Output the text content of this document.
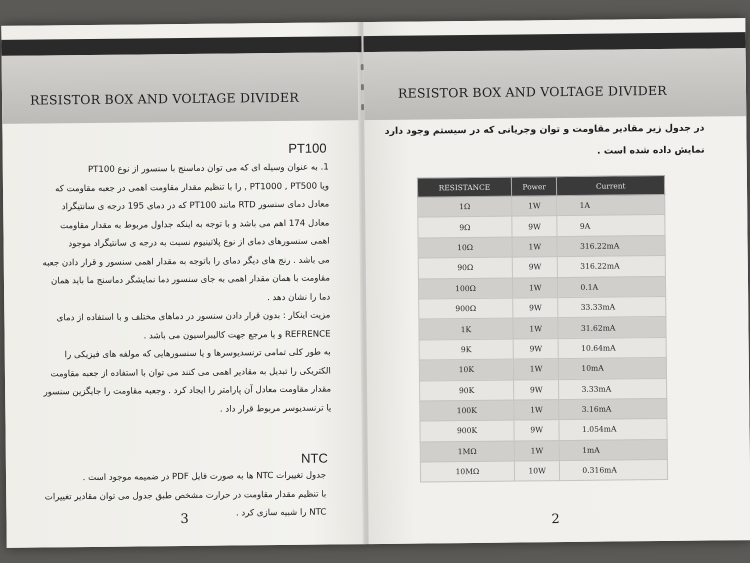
RESISTOR BOX AND VOLTAGE DIVIDER
PT100
1. به عنوان وسیله ای که می توان دماسنج با سنسور از نوع PT100
ویا PT1000 , PT500 , را با تنظیم مقدار مقاومت اهمی در جعبه مقاومت که
معادل دمای سنسور RTD مانند PT100 که در دمای 195 درجه ی سانتیگراد
معادل 174 اهم می باشد و با توجه به اینکه جداول مربوط به مقدار مقاومت
اهمی سنسورهای دمای از نوع پلاتینیوم نسبت به درجه ی سانتیگراد موجود
می باشد . رنج های دیگر دمای را باتوجه به مقدار اهمی سنسور و قرار دادن جعبه
مقاومت با همان مقدار اهمی به جای سنسور دما نمایشگر دماسنج ما باید همان
دما را نشان دهد .
مزیت اینکار : بدون قرار دادن سنسور در دماهای مختلف و با استفاده از دمای
REFRENCE و یا مرجع جهت کالیبراسیون می باشد .
به طور کلی تمامی ترنسدیوسرها و یا سنسورهایی که مولفه های فیزیکی را
الکتریکی را تبدیل به مقادیر اهمی می کنند می توان با استفاده از جعبه مقاومت
مقدار مقاومت معادل آن پارامتر را ایجاد کرد . وجعبه مقاومت را جایگزین سنسور
یا ترنسدیوسر مربوط قرار داد .
NTC
جدول تغییرات NTC ها به صورت فایل PDF در ضمیمه موجود است .
با تنظیم مقدار مقاومت در حرارت مشخص طبق جدول می توان مقادیر تغییرات
NTC را شبیه سازی کرد .
3
RESISTOR BOX AND VOLTAGE DIVIDER
در جدول زیر مقادیر مقاومت و توان وجریانی که در سیستم وجود دارد
نمایش داده شده است .
RESISTANCE	Power	Current
1Ω	1W	1A
9Ω	9W	9A
10Ω	1W	316.22mA
90Ω	9W	316.22mA
100Ω	1W	0.1A
900Ω	9W	33.33mA
1K	1W	31.62mA
9K	9W	10.64mA
10K	1W	10mA
90K	9W	3.33mA
100K	1W	3.16mA
900K	9W	1.054mA
1MΩ	1W	1mA
10MΩ	10W	0.316mA
2
